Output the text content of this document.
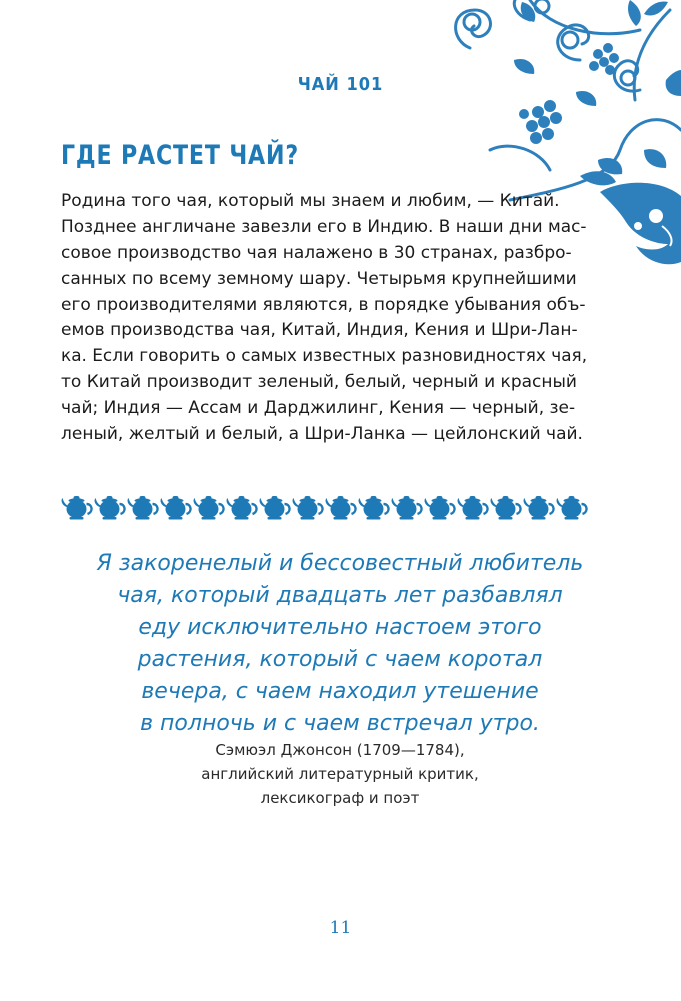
ЧАЙ 101
ГДЕ РАСТЕТ ЧАЙ?
Родина того чая, который мы знаем и любим, — Китай.
Позднее англичане завезли его в Индию. В наши дни мас-
совое производство чая налажено в 30 странах, разбро-
санных по всему земному шару. Четырьмя крупнейшими
его производителями являются, в порядке убывания объ-
емов производства чая, Китай, Индия, Кения и Шри-Лан-
ка. Если говорить о самых известных разновидностях чая,
то Китай производит зеленый, белый, черный и красный
чай; Индия — Ассам и Дарджилинг, Кения — черный, зе-
леный, желтый и белый, а Шри-Ланка — цейлонский чай.
Я закоренелый и бессовестный любитель
чая, который двадцать лет разбавлял
еду исключительно настоем этого
растения, который с чаем коротал
вечера, с чаем находил утешение
в полночь и с чаем встречал утро.
Сэмюэл Джонсон (1709—1784),
английский литературный критик,
лексикограф и поэт
11
